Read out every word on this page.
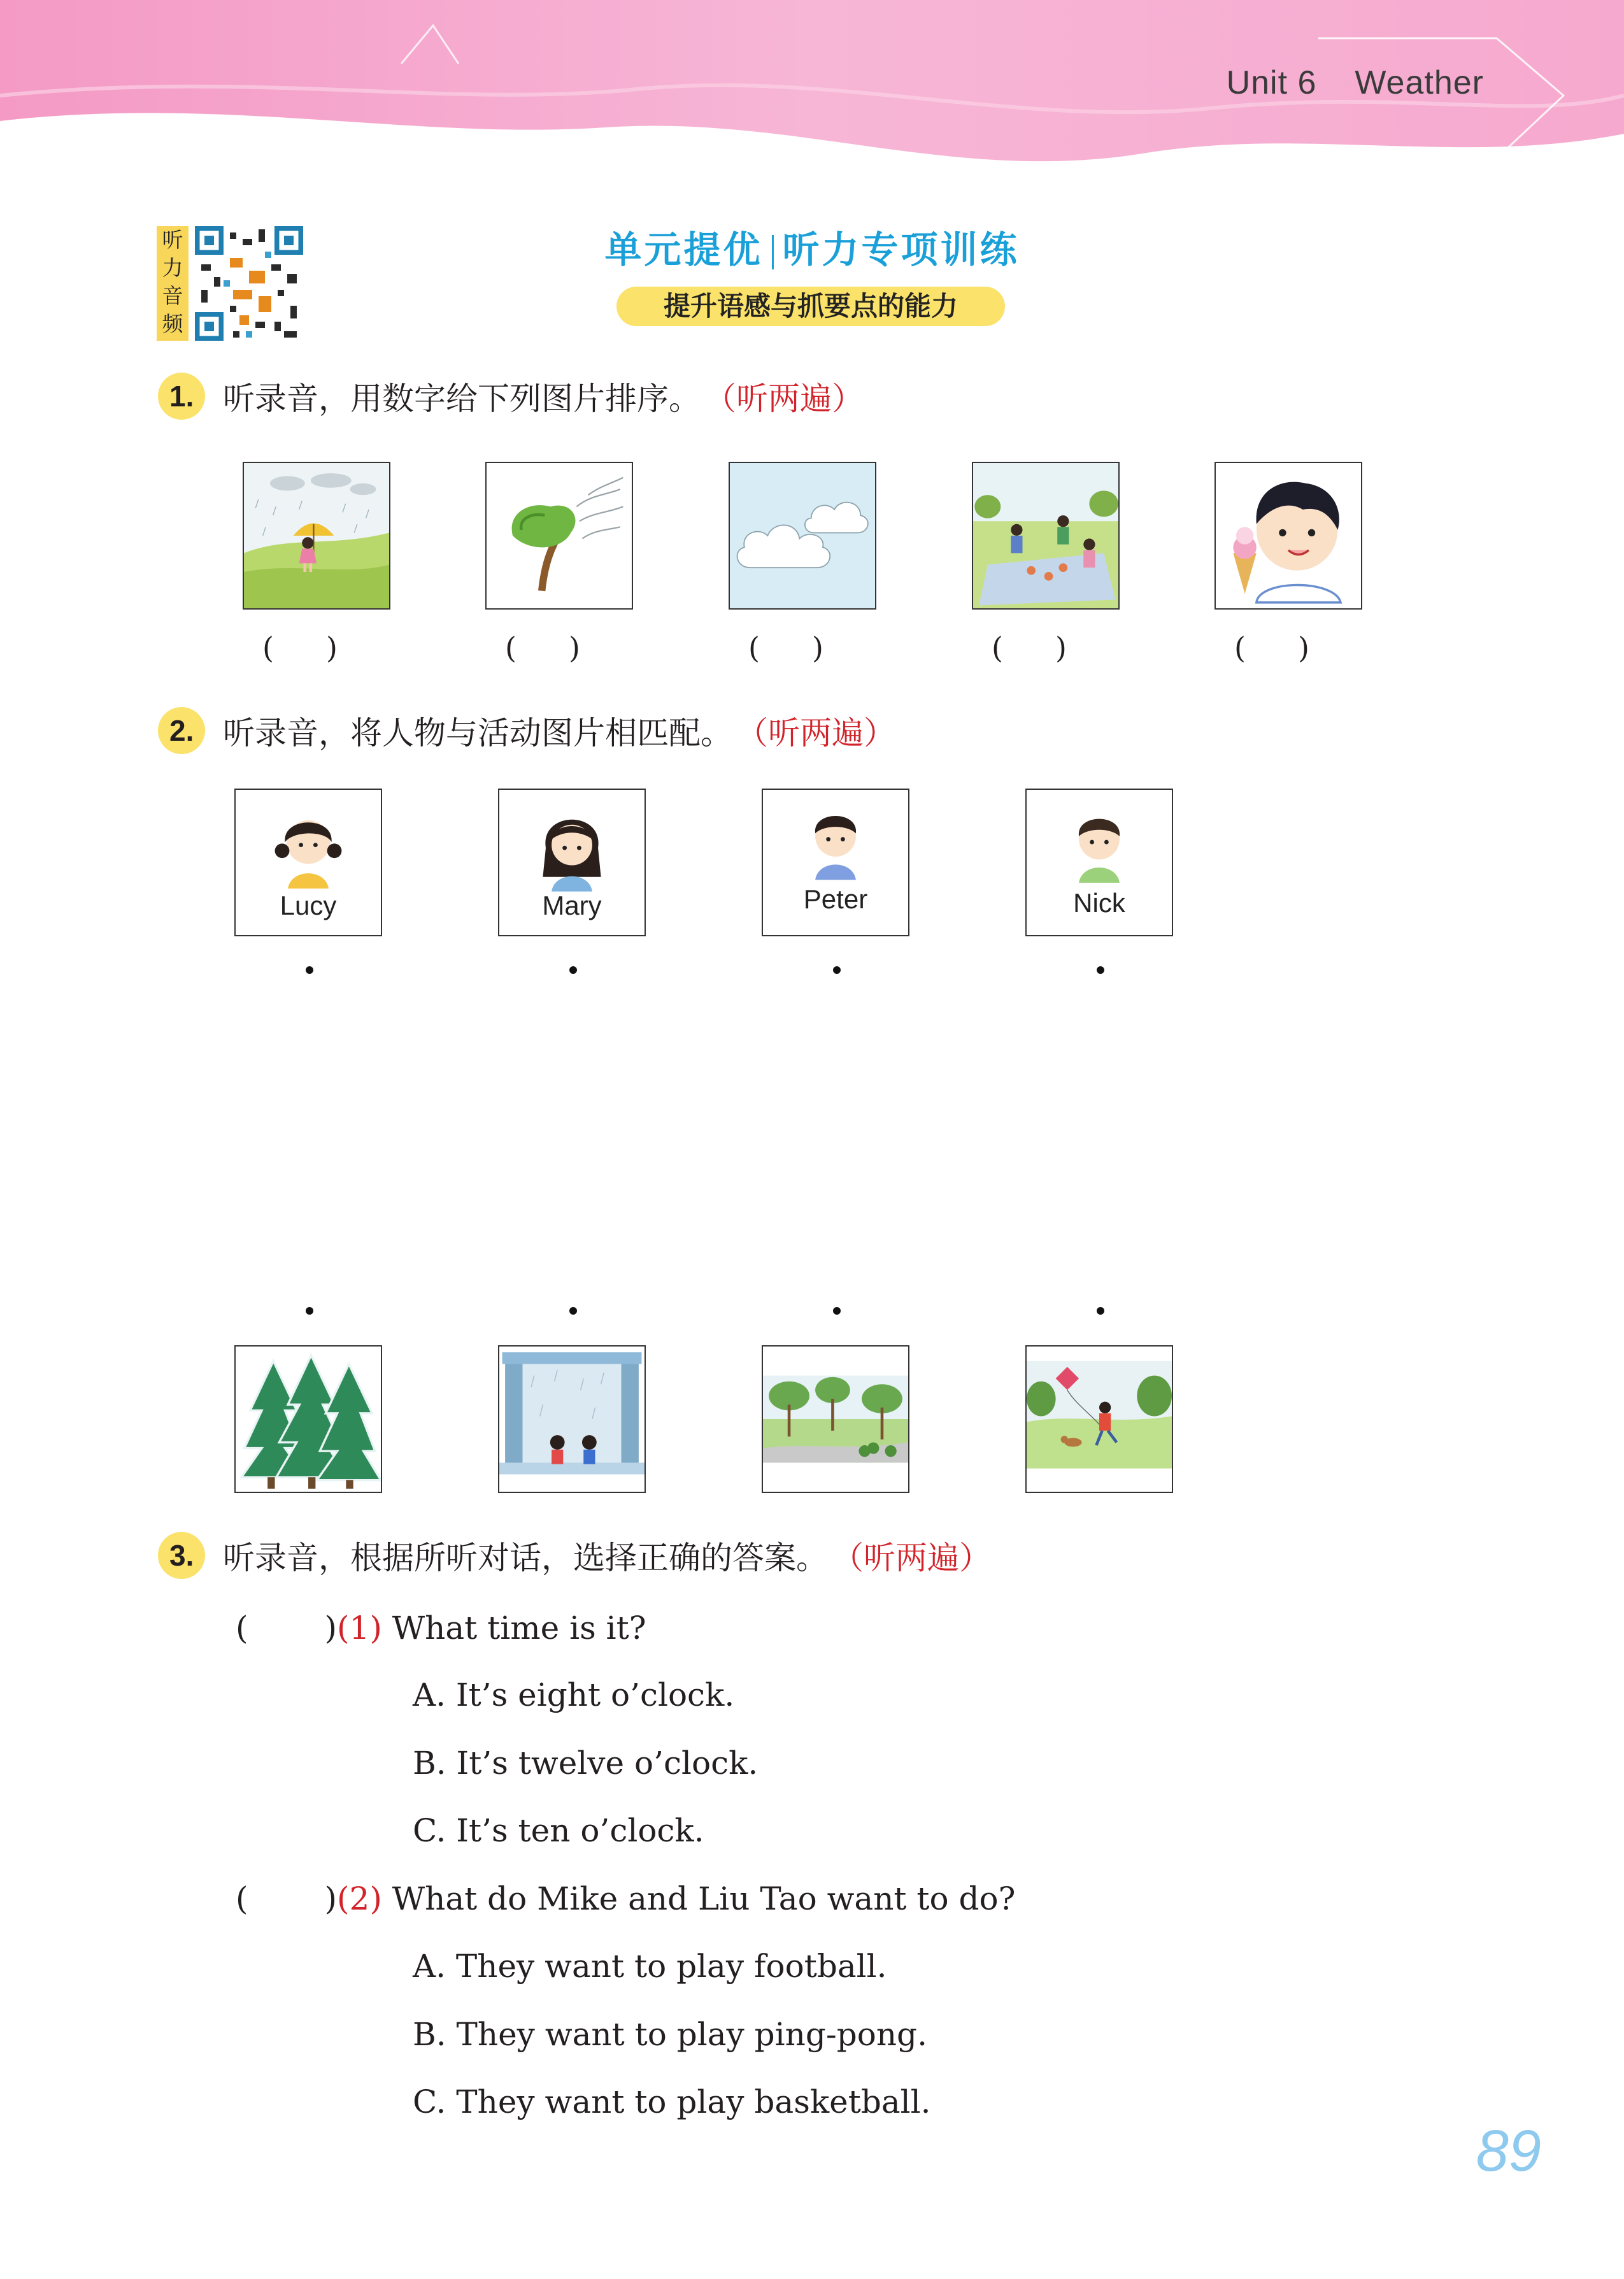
Unit 6 Weather
听
力
音
频
单元提优 听力专项训练
提升语感与抓要点的能力
1. 听录音，用数字给下列图片排序。 （听两遍）
( )	( )	( )	( )	( )
2. 听录音，将人物与活动图片相匹配。 （听两遍）
Lucy	Mary	Peter	Nick
3. 听录音，根据所听对话，选择正确的答案。 （听两遍）
( )(1) What time is it?
A. It’s eight o’clock.
B. It’s twelve o’clock.
C. It’s ten o’clock.
( )(2) What do Mike and Liu Tao want to do?
A. They want to play football.
B. They want to play ping-pong.
C. They want to play basketball.
89
